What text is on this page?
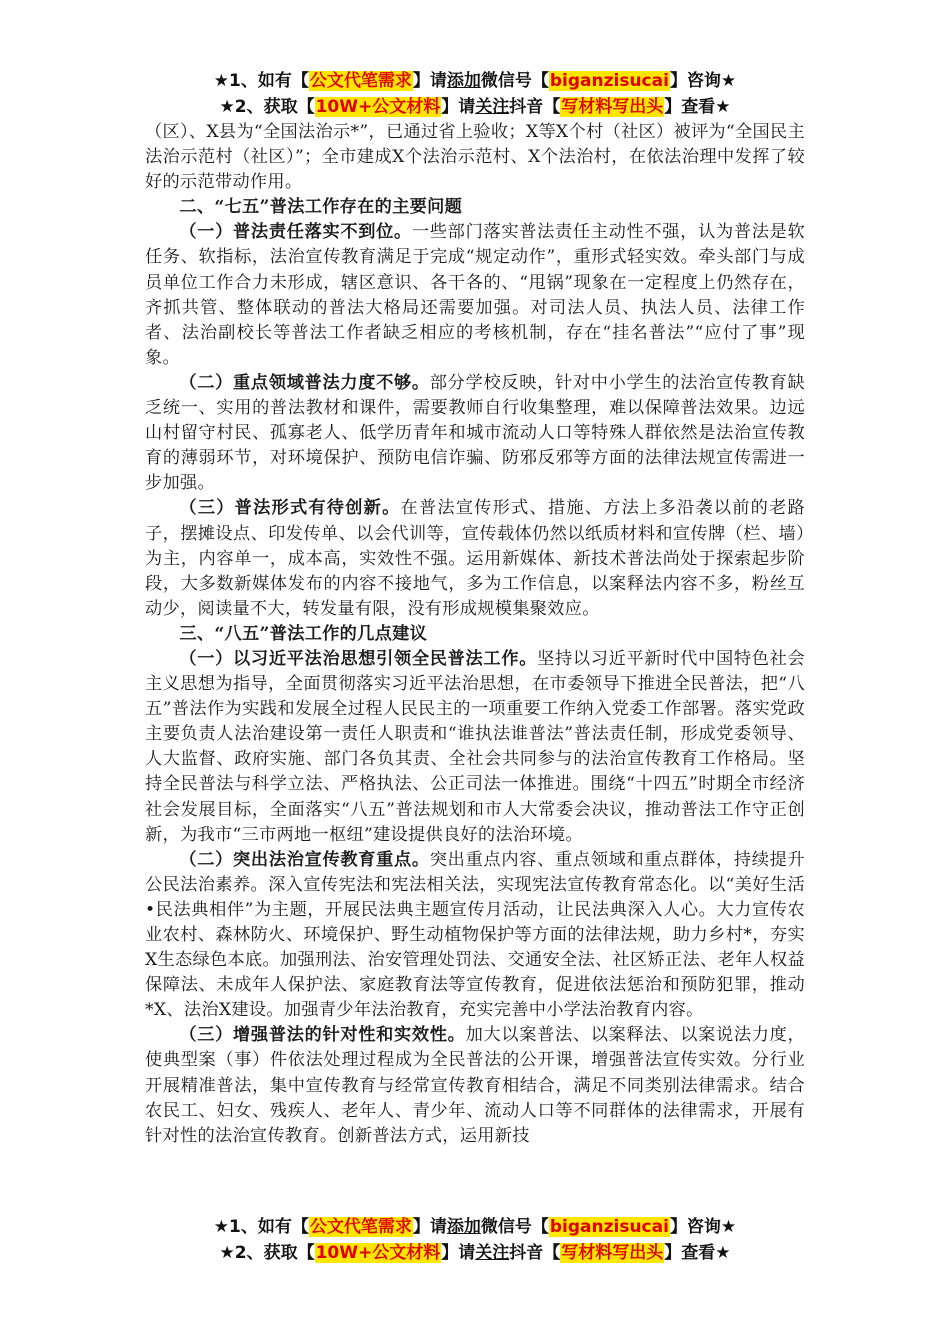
★1、如有【公文代笔需求】请添加微信号【biganzisucai】咨询★
★2、获取【10W+公文材料】请关注抖音【写材料写出头】查看★

（区）、X县为“全国法治示*”，已通过省上验收；X等X个村（社区）被评为“全国民主法治示范村（社区）”；全市建成X个法治示范村、X个法治村，在依法治理中发挥了较好的示范带动作用。

二、“七五”普法工作存在的主要问题

（一）普法责任落实不到位。一些部门落实普法责任主动性不强，认为普法是软任务、软指标，法治宣传教育满足于完成“规定动作”，重形式轻实效。牵头部门与成员单位工作合力未形成，辖区意识、各干各的、“甩锅”现象在一定程度上仍然存在，齐抓共管、整体联动的普法大格局还需要加强。对司法人员、执法人员、法律工作者、法治副校长等普法工作者缺乏相应的考核机制，存在“挂名普法”“应付了事”现象。

（二）重点领域普法力度不够。部分学校反映，针对中小学生的法治宣传教育缺乏统一、实用的普法教材和课件，需要教师自行收集整理，难以保障普法效果。边远山村留守村民、孤寡老人、低学历青年和城市流动人口等特殊人群依然是法治宣传教育的薄弱环节，对环境保护、预防电信诈骗、防邪反邪等方面的法律法规宣传需进一步加强。

（三）普法形式有待创新。在普法宣传形式、措施、方法上多沿袭以前的老路子，摆摊设点、印发传单、以会代训等，宣传载体仍然以纸质材料和宣传牌（栏、墙）为主，内容单一，成本高，实效性不强。运用新媒体、新技术普法尚处于探索起步阶段，大多数新媒体发布的内容不接地气，多为工作信息，以案释法内容不多，粉丝互动少，阅读量不大，转发量有限，没有形成规模集聚效应。

三、“八五”普法工作的几点建议

（一）以习近平法治思想引领全民普法工作。坚持以习近平新时代中国特色社会主义思想为指导，全面贯彻落实习近平法治思想，在市委领导下推进全民普法，把“八五”普法作为实践和发展全过程人民民主的一项重要工作纳入党委工作部署。落实党政主要负责人法治建设第一责任人职责和“谁执法谁普法”普法责任制，形成党委领导、人大监督、政府实施、部门各负其责、全社会共同参与的法治宣传教育工作格局。坚持全民普法与科学立法、严格执法、公正司法一体推进。围绕“十四五”时期全市经济社会发展目标，全面落实“八五”普法规划和市人大常委会决议，推动普法工作守正创新，为我市“三市两地一枢纽”建设提供良好的法治环境。

（二）突出法治宣传教育重点。突出重点内容、重点领域和重点群体，持续提升公民法治素养。深入宣传宪法和宪法相关法，实现宪法宣传教育常态化。以“美好生活•民法典相伴”为主题，开展民法典主题宣传月活动，让民法典深入人心。大力宣传农业农村、森林防火、环境保护、野生动植物保护等方面的法律法规，助力乡村*，夯实X生态绿色本底。加强刑法、治安管理处罚法、交通安全法、社区矫正法、老年人权益保障法、未成年人保护法、家庭教育法等宣传教育，促进依法惩治和预防犯罪，推动*X、法治X建设。加强青少年法治教育，充实完善中小学法治教育内容。

（三）增强普法的针对性和实效性。加大以案普法、以案释法、以案说法力度，使典型案（事）件依法处理过程成为全民普法的公开课，增强普法宣传实效。分行业开展精准普法，集中宣传教育与经常宣传教育相结合，满足不同类别法律需求。结合农民工、妇女、残疾人、老年人、青少年、流动人口等不同群体的法律需求，开展有针对性的法治宣传教育。创新普法方式，运用新技

★1、如有【公文代笔需求】请添加微信号【biganzisucai】咨询★
★2、获取【10W+公文材料】请关注抖音【写材料写出头】查看★
